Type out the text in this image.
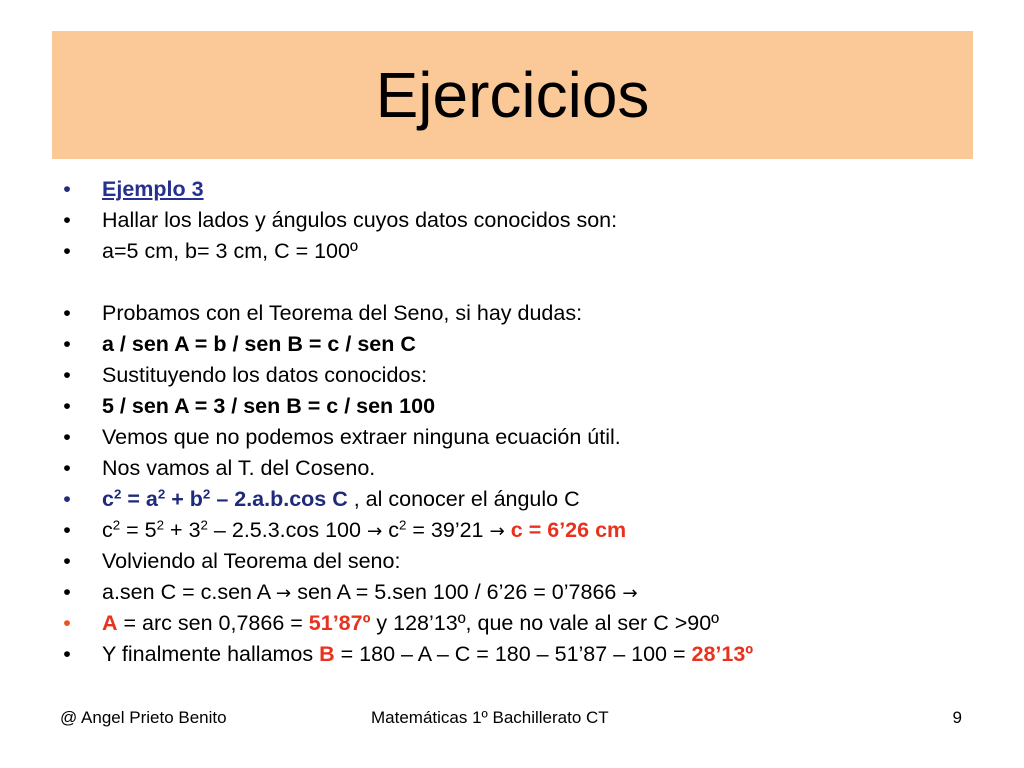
Ejercicios
• Ejemplo 3
• Hallar los lados y ángulos cuyos datos conocidos son:
• a=5 cm, b= 3 cm, C = 100º
• Probamos con el Teorema del Seno, si hay dudas:
• a / sen A = b / sen B = c / sen C
• Sustituyendo los datos conocidos:
• 5 / sen A = 3 / sen B = c / sen 100
• Vemos que no podemos extraer ninguna ecuación útil.
• Nos vamos al T. del Coseno.
• $c^2 = a^2 + b^2 - 2.a.b.\cos$ C , al conocer el ángulo C
• $c^2 = 5^2 + 3^2 - 2.5.3.\cos$ $100 \to c^2$ = 39’21 → c = 6’26 cm
• Volviendo al Teorema del seno:
• a.sen C = c.sen A → sen A = 5.sen 100 / 6’26 = 0’7866 →
• A = arc sen 0,7866 = 51’87º y 128’13º, que no vale al ser C >90º
• Y finalmente hallamos B = 180 – A – C = 180 – 51’87 – 100 = 28’13º
@ Angel Prieto Benito	Matemáticas 1º Bachillerato CT	9
